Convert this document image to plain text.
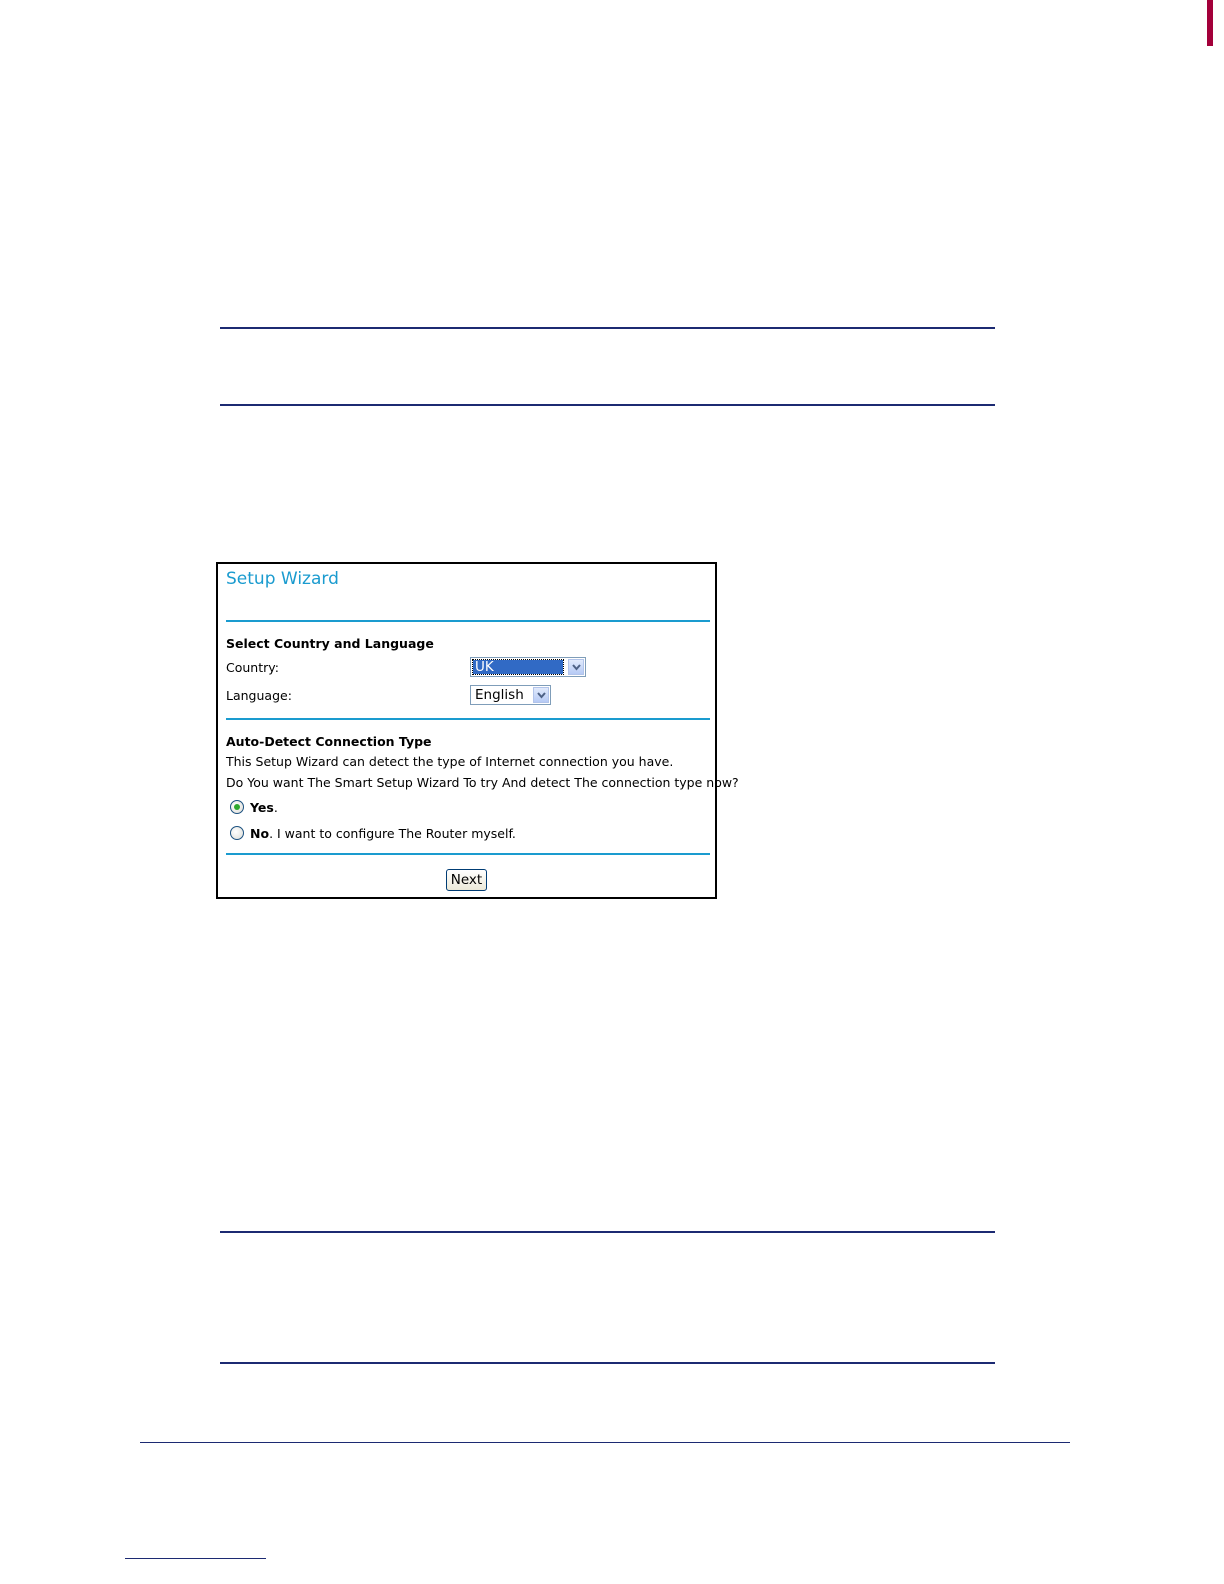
Setup Wizard
Select Country and Language
Country:	UK
Language:	English
Auto-Detect Connection Type
This Setup Wizard can detect the type of Internet connection you have.
Do You want The Smart Setup Wizard To try And detect The connection type now?
Yes.
No. I want to configure The Router myself.
Next
